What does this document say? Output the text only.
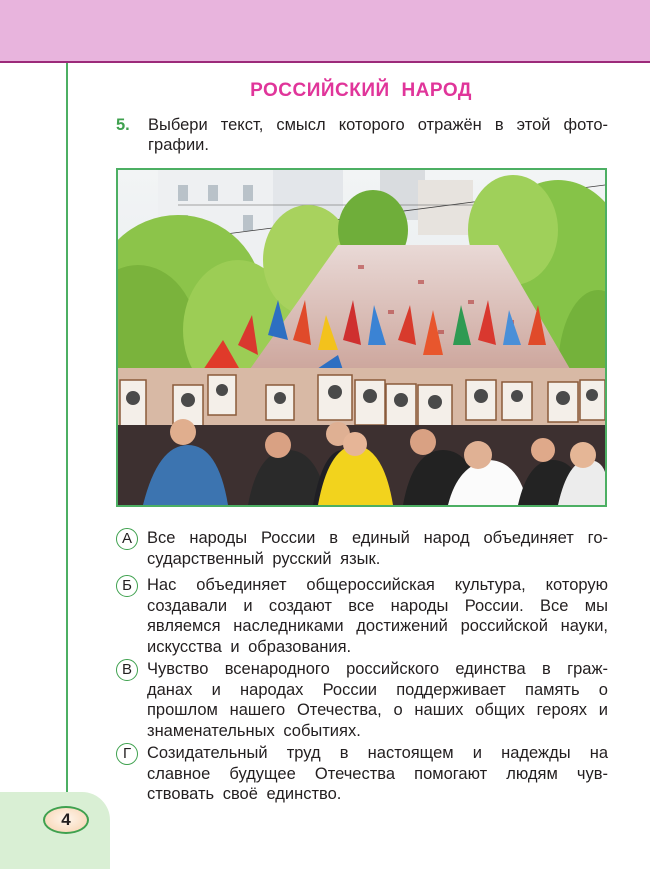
4
РОССИЙСКИЙ НАРОД
5. Выбери текст, смысл которого отражён в этой фотографии.
А Все народы России в единый народ объединяет государственный русский язык.
Б Нас объединяет общероссийская культура, которую создавали и создают все народы России. Все мы являемся наследниками достижений российской науки, искусства и образования.
В Чувство всенародного российского единства в гражданах и народах России поддерживает память о прошлом нашего Отечества, о наших общих героях и знаменательных событиях.
Г Созидательный труд в настоящем и надежды на славное будущее Отечества помогают людям чувствовать своё единство.
